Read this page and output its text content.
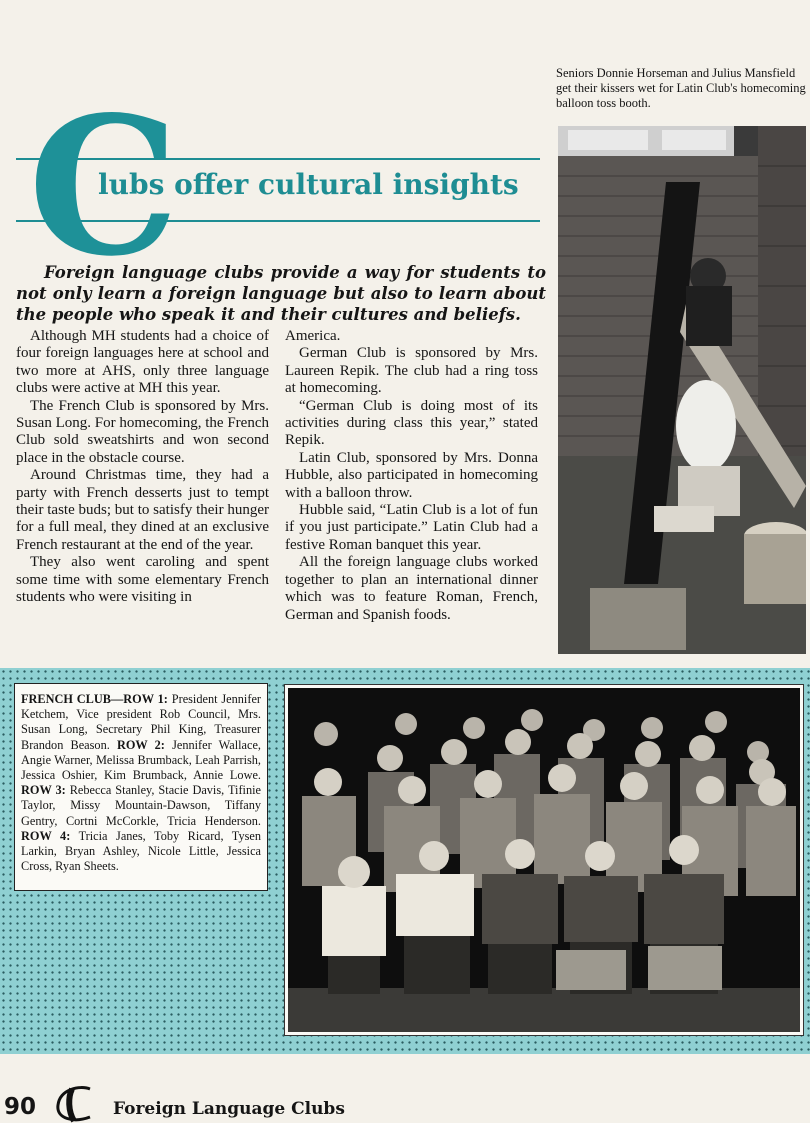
C
lubs offer cultural insights
Foreign language clubs provide a way for students to not only learn a foreign language but also to learn about the people who speak it and their cultures and beliefs.

Although MH students had a choice of four foreign languages here at school and two more at AHS, only three language clubs were active at MH this year.

The French Club is sponsored by Mrs. Susan Long. For homecoming, the French Club sold sweatshirts and won second place in the obstacle course.

Around Christmas time, they had a party with French desserts just to tempt their taste buds; but to satisfy their hunger for a full meal, they dined at an exclusive French restaurant at the end of the year.

They also went caroling and spent some time with some elementary French students who were visiting in

America.

German Club is sponsored by Mrs. Laureen Repik. The club had a ring toss at homecoming.

“German Club is doing most of its activities during class this year,” stated Repik.

Latin Club, sponsored by Mrs. Donna Hubble, also participated in homecoming with a balloon throw.

Hubble said, “Latin Club is a lot of fun if you just participate.” Latin Club had a festive Roman banquet this year.

All the foreign language clubs worked together to plan an international dinner which was to feature Roman, French, German and Spanish foods.

Seniors Donnie Horseman and Julius Mansfield get their kissers wet for Latin Club's homecoming balloon toss booth.
FRENCH CLUB—ROW 1: President Jennifer Ketchem, Vice president Rob Council, Mrs. Susan Long, Secretary Phil King, Treasurer Brandon Beason. ROW 2: Jennifer Wallace, Angie Warner, Melissa Brumback, Leah Parrish, Jessica Oshier, Kim Brumback, Annie Lowe. ROW 3: Rebecca Stanley, Stacie Davis, Tifinie Taylor, Missy Mountain-Dawson, Tiffany Gentry, Cortni McCorkle, Tricia Henderson. ROW 4: Tricia Janes, Toby Ricard, Tysen Larkin, Bryan Ashley, Nicole Little, Jessica Cross, Ryan Sheets.
90	Foreign Language Clubs
